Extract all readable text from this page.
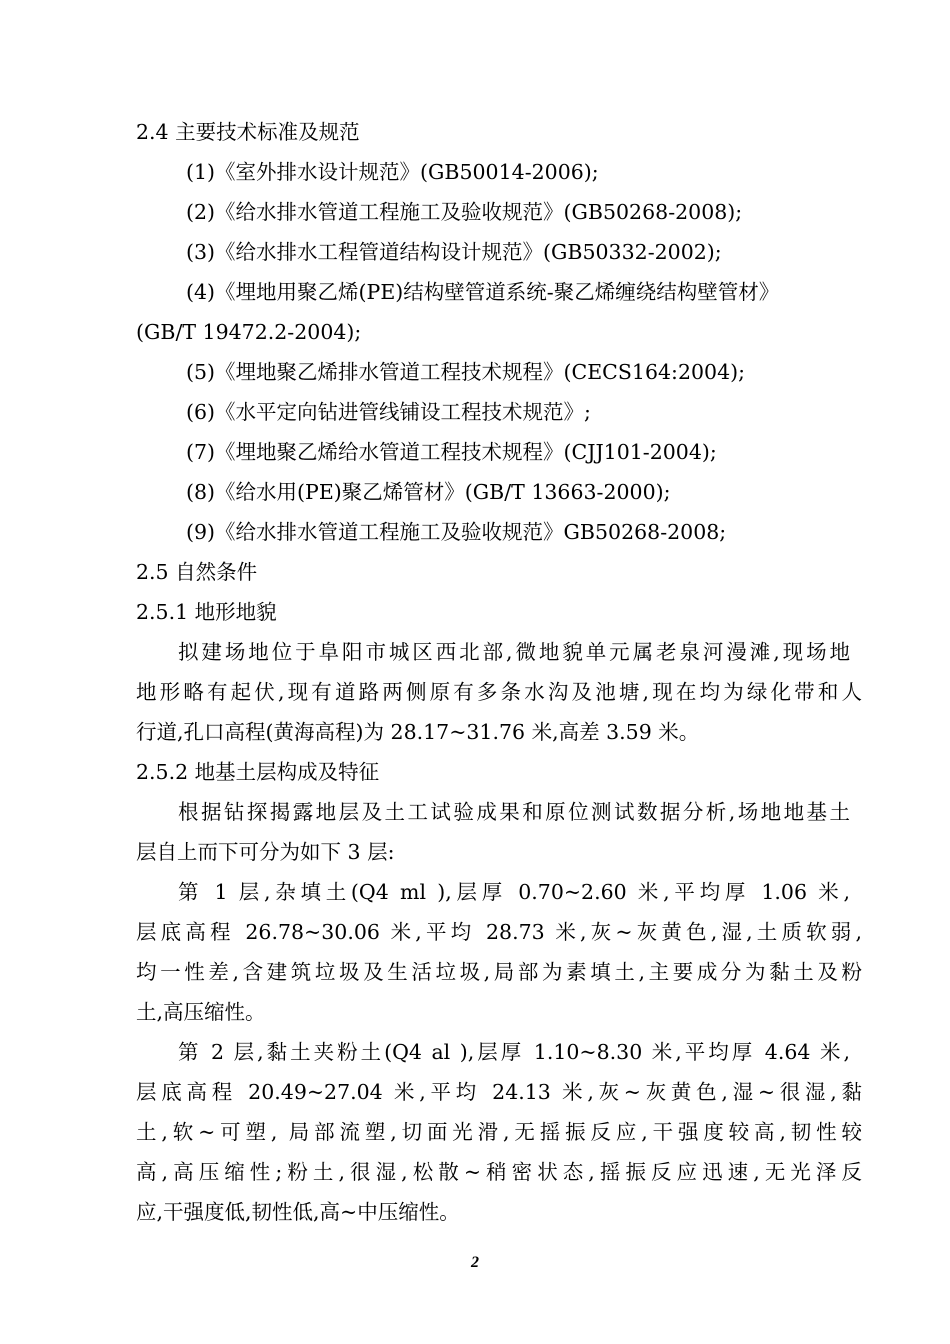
2.4 主要技术标准及规范
(1)《室外排水设计规范》(GB50014-2006);
(2)《给水排水管道工程施工及验收规范》(GB50268-2008);
(3)《给水排水工程管道结构设计规范》(GB50332-2002);
(4)《埋地用聚乙烯(PE)结构壁管道系统-聚乙烯缠绕结构壁管材》
(GB/T 19472.2-2004);
(5)《埋地聚乙烯排水管道工程技术规程》(CECS164:2004);
(6)《水平定向钻进管线铺设工程技术规范》;
(7)《埋地聚乙烯给水管道工程技术规程》(CJJ101-2004);
(8)《给水用(PE)聚乙烯管材》(GB/T 13663-2000);
(9)《给水排水管道工程施工及验收规范》GB50268-2008;
2.5 自然条件
2.5.1 地形地貌
拟建场地位于阜阳市城区西北部,微地貌单元属老泉河漫滩,现场地
地形略有起伏,现有道路两侧原有多条水沟及池塘,现在均为绿化带和人
行道,孔口高程(黄海高程)为 28.17~31.76 米,高差 3.59 米。
2.5.2 地基土层构成及特征
根据钻探揭露地层及土工试验成果和原位测试数据分析,场地地基土
层自上而下可分为如下 3 层:
第 1 层,杂填土(Q4 ml ),层厚 0.70~2.60 米,平均厚 1.06 米,
层底高程 26.78~30.06 米,平均 28.73 米,灰~灰黄色,湿,土质软弱,
均一性差,含建筑垃圾及生活垃圾,局部为素填土,主要成分为黏土及粉
土,高压缩性。
第 2 层,黏土夹粉土(Q4 al ),层厚 1.10~8.30 米,平均厚 4.64 米,
层底高程 20.49~27.04 米,平均 24.13 米,灰~灰黄色,湿~很湿,黏
土,软~可塑, 局部流塑,切面光滑,无摇振反应,干强度较高,韧性较
高,高压缩性;粉土,很湿,松散~稍密状态,摇振反应迅速,无光泽反
应,干强度低,韧性低,高~中压缩性。
2
